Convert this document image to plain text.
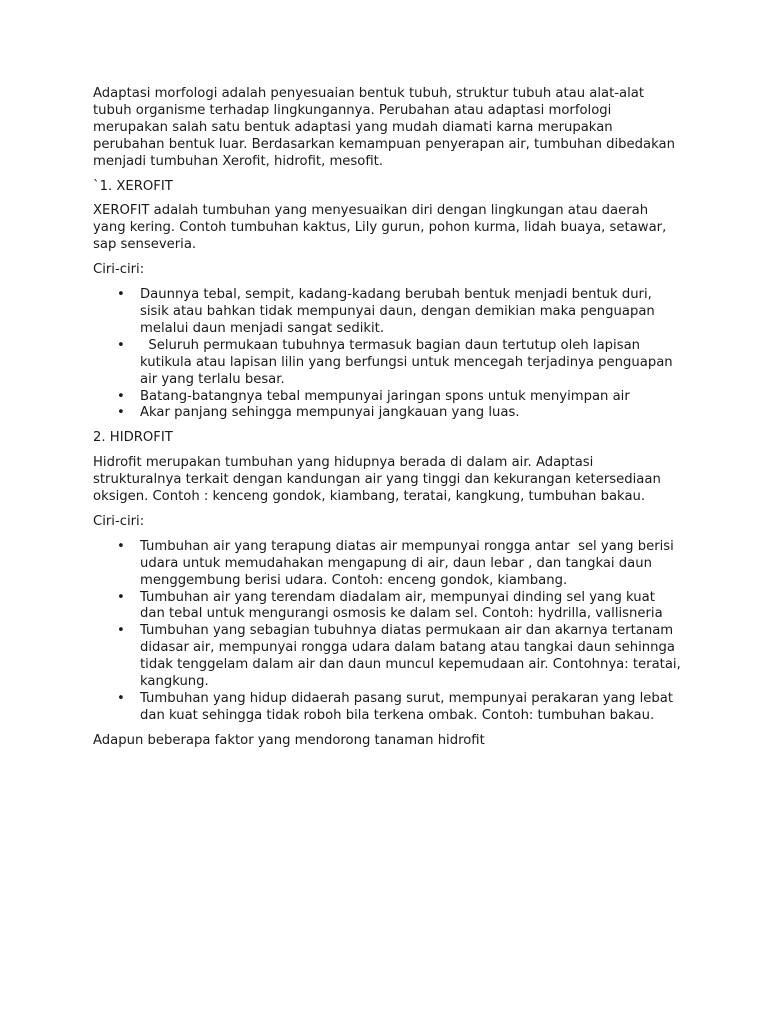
Adaptasi morfologi adalah penyesuaian bentuk tubuh, struktur tubuh atau alat-alat tubuh organisme terhadap lingkungannya. Perubahan atau adaptasi morfologi merupakan salah satu bentuk adaptasi yang mudah diamati karna merupakan perubahan bentuk luar. Berdasarkan kemampuan penyerapan air, tumbuhan dibedakan menjadi tumbuhan Xerofit, hidrofit, mesofit.

`1. XEROFIT

XEROFIT adalah tumbuhan yang menyesuaikan diri dengan lingkungan atau daerah yang kering. Contoh tumbuhan kaktus, Lily gurun, pohon kurma, lidah buaya, setawar, sap senseveria.

Ciri-ciri:

• Daunnya tebal, sempit, kadang-kadang berubah bentuk menjadi bentuk duri, sisik atau bahkan tidak mempunyai daun, dengan demikian maka penguapan melalui daun menjadi sangat sedikit.
•   Seluruh permukaan tubuhnya termasuk bagian daun tertutup oleh lapisan kutikula atau lapisan lilin yang berfungsi untuk mencegah terjadinya penguapan air yang terlalu besar.
• Batang-batangnya tebal mempunyai jaringan spons untuk menyimpan air
• Akar panjang sehingga mempunyai jangkauan yang luas.

2. HIDROFIT

Hidrofit merupakan tumbuhan yang hidupnya berada di dalam air. Adaptasi strukturalnya terkait dengan kandungan air yang tinggi dan kekurangan ketersediaan oksigen. Contoh : kenceng gondok, kiambang, teratai, kangkung, tumbuhan bakau.

Ciri-ciri:

• Tumbuhan air yang terapung diatas air mempunyai rongga antar  sel yang berisi udara untuk memudahakan mengapung di air, daun lebar , dan tangkai daun menggembung berisi udara. Contoh: enceng gondok, kiambang.
• Tumbuhan air yang terendam diadalam air, mempunyai dinding sel yang kuat dan tebal untuk mengurangi osmosis ke dalam sel. Contoh: hydrilla, vallisneria
• Tumbuhan yang sebagian tubuhnya diatas permukaan air dan akarnya tertanam didasar air, mempunyai rongga udara dalam batang atau tangkai daun sehinnga tidak tenggelam dalam air dan daun muncul kepemudaan air. Contohnya: teratai, kangkung.
• Tumbuhan yang hidup didaerah pasang surut, mempunyai perakaran yang lebat dan kuat sehingga tidak roboh bila terkena ombak. Contoh: tumbuhan bakau.

Adapun beberapa faktor yang mendorong tanaman hidrofit
